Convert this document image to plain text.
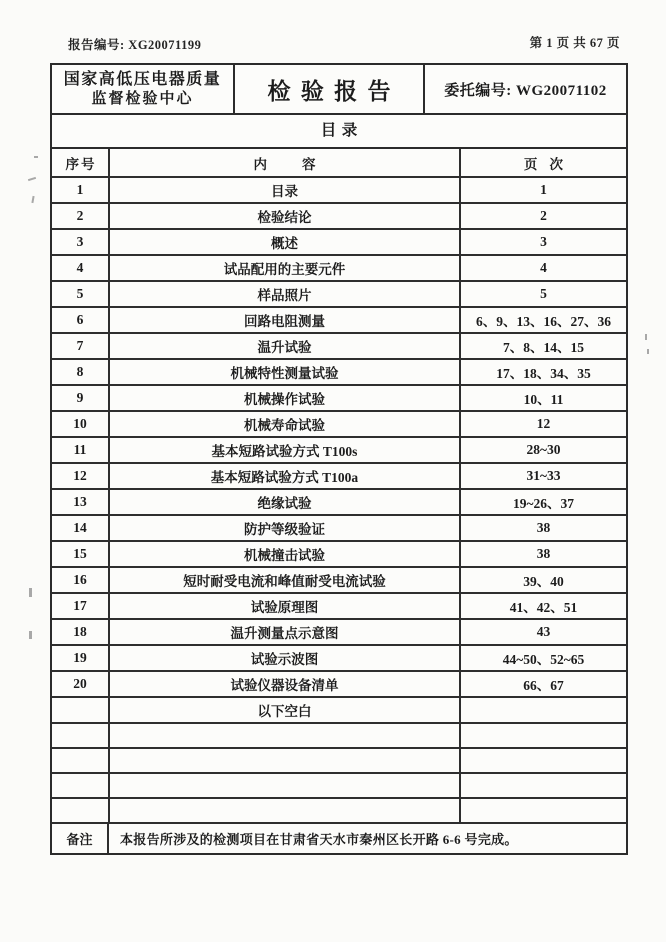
报告编号: XG20071199	第 1 页 共 67 页
国家高低压电器质量
监督检验中心	检验报告	委托编号: WG20071102
目录
序号	内容	页次
1	目录	1
2	检验结论	2
3	概述	3
4	试品配用的主要元件	4
5	样品照片	5
6	回路电阻测量	6、9、13、16、27、36
7	温升试验	7、8、14、15
8	机械特性测量试验	17、18、34、35
9	机械操作试验	10、11
10	机械寿命试验	12
11	基本短路试验方式 T100s	28~30
12	基本短路试验方式 T100a	31~33
13	绝缘试验	19~26、37
14	防护等级验证	38
15	机械撞击试验	38
16	短时耐受电流和峰值耐受电流试验	39、40
17	试验原理图	41、42、51
18	温升测量点示意图	43
19	试验示波图	44~50、52~65
20	试验仪器设备清单	66、67
	以下空白	

备注	本报告所涉及的检测项目在甘肃省天水市秦州区长开路 6-6 号完成。
